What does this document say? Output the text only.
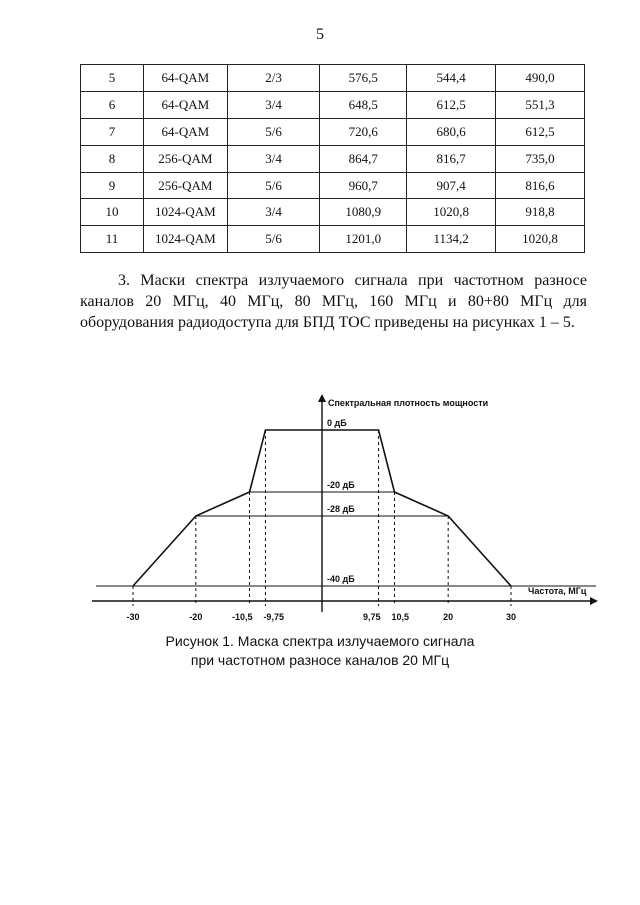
5
5	64-QAM	2/3	576,5	544,4	490,0
6	64-QAM	3/4	648,5	612,5	551,3
7	64-QAM	5/6	720,6	680,6	612,5
8	256-QAM	3/4	864,7	816,7	735,0
9	256-QAM	5/6	960,7	907,4	816,6
10	1024-QAM	3/4	1080,9	1020,8	918,8
11	1024-QAM	5/6	1201,0	1134,2	1020,8
3. Маски спектра излучаемого сигнала при частотном разносе каналов 20 МГц, 40 МГц, 80 МГц, 160 МГц и 80+80 МГц для оборудования радиодоступа для БПД ТОС приведены на рисунках 1 – 5.
Спектральная плотность мощности
Частота, МГц
0 дБ
-20 дБ
-28 дБ
-40 дБ
-30	-20	-10,5 -9,75	9,75 10,5	20	30
Рисунок 1. Маска спектра излучаемого сигнала
при частотном разносе каналов 20 МГц
